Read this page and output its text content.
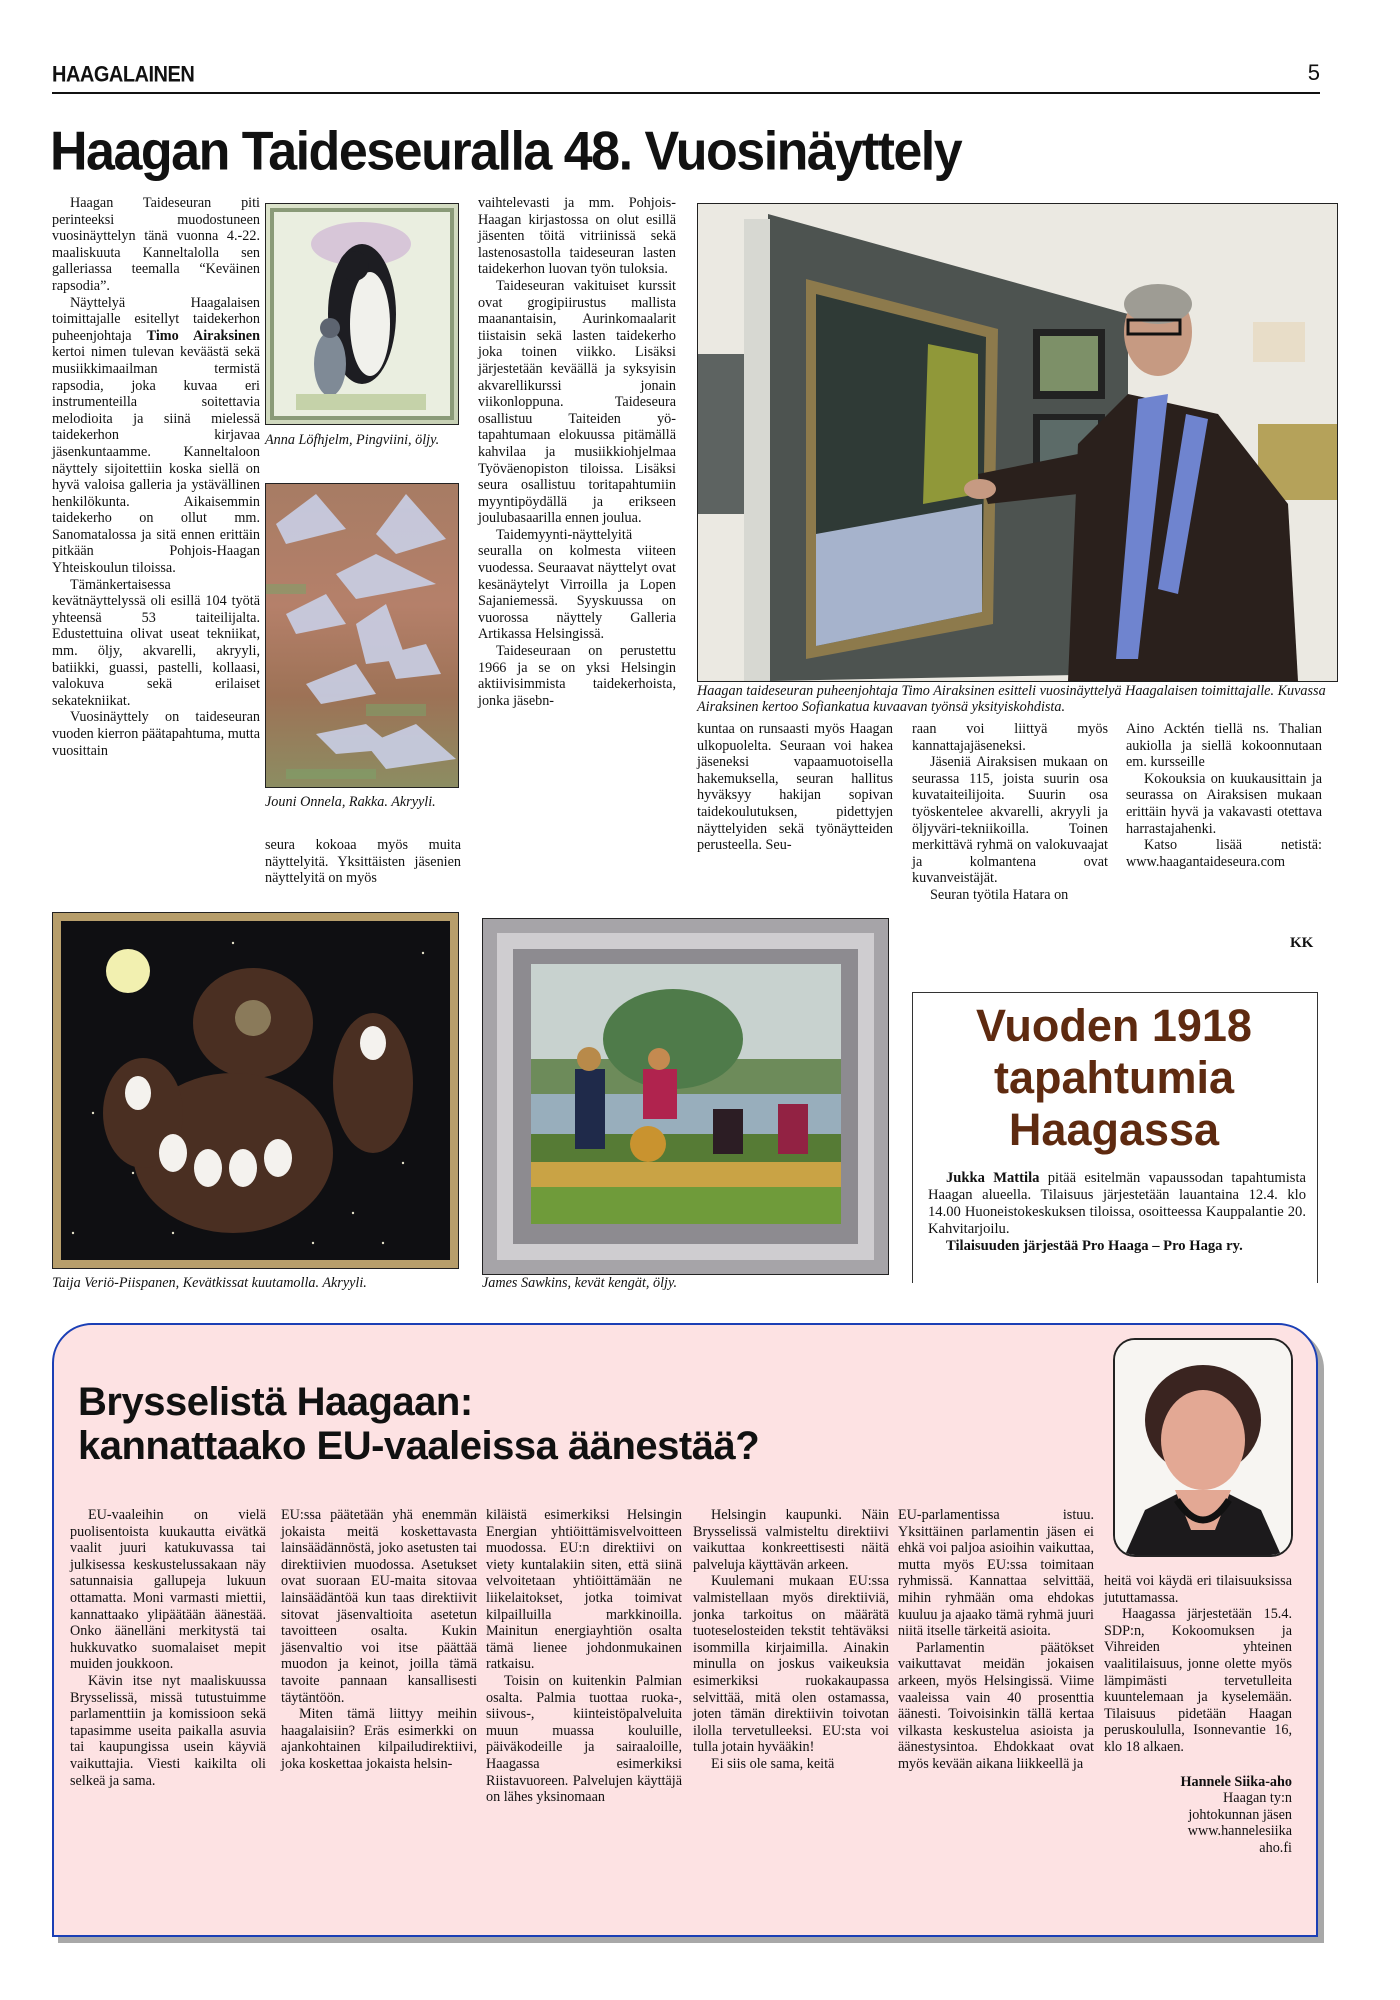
HAAGALAINEN	5
Haagan Taideseuralla 48. Vuosinäyttely

Haagan Taideseuran piti perinteeksi muodostuneen vuosinäyttelyn tänä vuonna 4.-22. maaliskuuta Kanneltalolla sen galleriassa teemalla “Keväinen rapsodia”.

Näyttelyä Haagalaisen toimittajalle esitellyt taidekerhon puheenjohtaja Timo Airaksinen kertoi nimen tulevan keväästä sekä musiikkimaailman termistä rapsodia, joka kuvaa eri instrumenteilla soitettavia melodioita ja siinä mielessä taidekerhon kirjavaa jäsenkuntaamme. Kanneltaloon näyttely sijoitettiin koska siellä on hyvä valoisa galleria ja ystävällinen henkilökunta. Aikaisemmin taidekerho on ollut mm. Sanomatalossa ja sitä ennen erittäin pitkään Pohjois-Haagan Yhteiskoulun tiloissa.

Tämänkertaisessa kevätnäyttelyssä oli esillä 104 työtä yhteensä 53 taiteilijalta. Edustettuina olivat useat tekniikat, mm. öljy, akvarelli, akryyli, batiikki, guassi, pastelli, kollaasi, valokuva sekä erilaiset sekatekniikat.

Vuosinäyttely on taideseuran vuoden kierron päätapahtuma, mutta vuosittain

Anna Löfhjelm, Pingviini, öljy.
Jouni Onnela, Rakka. Akryyli.

seura kokoaa myös muita näyttelyitä. Yksittäisten jäsenien näyttelyitä on myös

vaihtelevasti ja mm. Pohjois-Haagan kirjastossa on olut esillä jäsenten töitä vitriinissä sekä lastenosastolla taideseuran lasten taidekerhon luovan työn tuloksia.

Taideseuran vakituiset kurssit ovat grogipiirustus mallista maanantaisin, Aurinkomaalarit tiistaisin sekä lasten taidekerho joka toinen viikko. Lisäksi järjestetään keväällä ja syksyisin akvarellikurssi jonain viikonloppuna. Taideseura osallistuu Taiteiden yö- tapahtumaan elokuussa pitämällä kahvilaa ja musiikkiohjelmaa Työväenopiston tiloissa. Lisäksi seura osallistuu toritapahtumiin myyntipöydällä ja erikseen joulubasaarilla ennen joulua.

Taidemyynti-näyttelyitä seuralla on kolmesta viiteen vuodessa. Seuraavat näyttelyt ovat kesänäytelyt Virroilla ja Lopen Sajaniemessä. Syyskuussa on vuorossa näyttely Galleria Artikassa Helsingissä.

Taideseuraan on perustettu 1966 ja se on yksi Helsingin aktiivisimmista taidekerhoista, jonka jäsebn-

Haagan taideseuran puheenjohtaja Timo Airaksinen esitteli vuosinäyttelyä Haagalaisen toimittajalle. Kuvassa Airaksinen kertoo Sofiankatua kuvaavan työnsä yksityiskohdista.

kuntaa on runsaasti myös Haagan ulkopuolelta. Seuraan voi hakea jäseneksi vapaamuotoisella hakemuksella, seuran hallitus hyväksyy hakijan sopivan taidekoulutuksen, pidettyjen näyttelyiden sekä työnäytteiden perusteella. Seu-

raan voi liittyä myös kannattajajäseneksi.

Jäseniä Airaksisen mukaan on seurassa 115, joista suurin osa kuvataiteilijoita. Suurin osa työskentelee akvarelli, akryyli ja öljyväri-tekniikoilla. Toinen merkittävä ryhmä on valokuvaajat ja kolmantena ovat kuvanveistäjät.

Seuran työtila Hatara on

Aino Acktén tiellä ns. Thalian aukiolla ja siellä kokoonnutaan em. kursseille

Kokouksia on kuukausittain ja seurassa on Airaksisen mukaan erittäin hyvä ja vakavasti otettava harrastajahenki.

Katso lisää netistä: www.haagantaideseura.com

KK
Taija Veriö-Piispanen, Kevätkissat kuutamolla. Akryyli.	James Sawkins, kevät kengät, öljy.
Vuoden 1918
tapahtumia
Haagassa

Jukka Mattila pitää esitelmän vapaussodan tapahtumista Haagan alueella. Tilaisuus järjestetään lauantaina 12.4. klo 14.00 Huoneistokeskuksen tiloissa, osoitteessa Kauppalantie 20. Kahvitarjoilu.

Tilaisuuden järjestää Pro Haaga – Pro Haga ry.

Brysselistä Haagaan:
kannattaako EU-vaaleissa äänestää?

EU-vaaleihin on vielä puolisentoista kuukautta eivätkä vaalit juuri katukuvassa tai julkisessa keskustelussakaan näy satunnaisia gallupeja lukuun ottamatta. Moni varmasti miettii, kannattaako ylipäätään äänestää. Onko äänelläni merkitystä tai hukkuvatko suomalaiset mepit muiden joukkoon.

Kävin itse nyt maaliskuussa Brysselissä, missä tutustuimme parlamenttiin ja komissioon sekä tapasimme useita paikalla asuvia tai kaupungissa usein käyviä vaikuttajia. Viesti kaikilta oli selkeä ja sama.

EU:ssa päätetään yhä enemmän jokaista meitä koskettavasta lainsäädännöstä, joko asetusten tai direktiivien muodossa. Asetukset ovat suoraan EU-maita sitovaa lainsäädäntöä kun taas direktiivit sitovat jäsenvaltioita asetetun tavoitteen osalta. Kukin jäsenvaltio voi itse päättää muodon ja keinot, joilla tämä tavoite pannaan kansallisesti täytäntöön.

Miten tämä liittyy meihin haagalaisiin? Eräs esimerkki on ajankohtainen kilpailudirektiivi, joka koskettaa jokaista helsin-

kiläistä esimerkiksi Helsingin Energian yhtiöittämisvelvoitteen muodossa. EU:n direktiivi on viety kuntalakiin siten, että siinä velvoitetaan yhtiöittämään ne liikelaitokset, jotka toimivat kilpailluilla markkinoilla. Mainitun energiayhtiön osalta tämä lienee johdonmukainen ratkaisu.

Toisin on kuitenkin Palmian osalta. Palmia tuottaa ruoka-, siivous-, kiinteistöpalveluita muun muassa kouluille, päiväkodeille ja sairaaloille, Haagassa esimerkiksi Riistavuoreen. Palvelujen käyttäjä on lähes yksinomaan

Helsingin kaupunki. Näin Brysselissä valmisteltu direktiivi vaikuttaa konkreettisesti näitä palveluja käyttävän arkeen.

Kuulemani mukaan EU:ssa valmistellaan myös direktiiviä, jonka tarkoitus on määrätä tuoteselosteiden tekstit tehtäväksi isommilla kirjaimilla. Ainakin minulla on joskus vaikeuksia esimerkiksi ruokakaupassa selvittää, mitä olen ostamassa, joten tämän direktiivin toivotan ilolla tervetulleeksi. EU:sta voi tulla jotain hyvääkin!

Ei siis ole sama, keitä

EU-parlamentissa istuu. Yksittäinen parlamentin jäsen ei ehkä voi paljoa asioihin vaikuttaa, mutta myös EU:ssa toimitaan ryhmissä. Kannattaa selvittää, mihin ryhmään oma ehdokas kuuluu ja ajaako tämä ryhmä juuri niitä itselle tärkeitä asioita.

Parlamentin päätökset vaikuttavat meidän jokaisen arkeen, myös Helsingissä. Viime vaaleissa vain 40 prosenttia äänesti. Toivoisinkin tällä kertaa vilkasta keskustelua asioista ja äänestysintoa. Ehdokkaat ovat myös kevään aikana liikkeellä ja

heitä voi käydä eri tilaisuuksissa jututtamassa.

Haagassa järjestetään 15.4. SDP:n, Kokoomuksen ja Vihreiden yhteinen vaalitilaisuus, jonne olette myös lämpimästi tervetulleita kuuntelemaan ja kyselemään. Tilaisuus pidetään Haagan peruskoululla, Isonnevantie 16, klo 18 alkaen.

Hannele Siika-aho
Haagan ty:n
johtokunnan jäsen
www.hannelesiika
aho.fi
